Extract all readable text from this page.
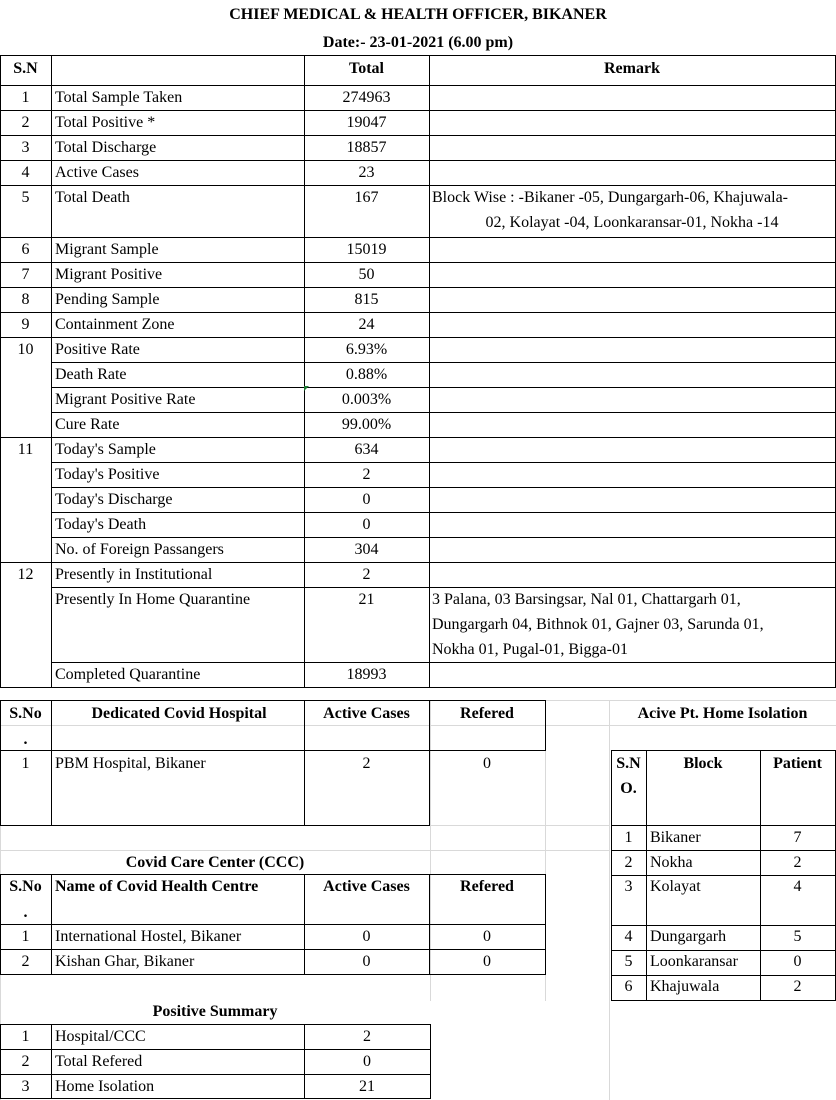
CHIEF MEDICAL & HEALTH OFFICER, BIKANER
Date:- 23-01-2021 (6.00 pm)
S.N	Total	Remark
1	Total Sample Taken	274963
2	Total Positive *	19047
3	Total Discharge	18857
4	Active Cases	23
5	Total Death	167	Block Wise : -Bikaner -05, Dungargarh-06, Khajuwala-
02, Kolayat -04, Loonkaransar-01, Nokha -14
6	Migrant Sample	15019
7	Migrant Positive	50
8	Pending Sample	815
9	Containment Zone	24
10	Positive Rate	6.93%
Death Rate	0.88%
Migrant Positive Rate	0.003%
Cure Rate	99.00%
11	Today's Sample	634
Today's Positive	2
Today's Discharge	0
Today's Death	0
No. of Foreign Passangers	304
12	Presently in Institutional	2
Presently In Home Quarantine	21	3 Palana, 03 Barsingsar, Nal 01, Chattargarh 01,
Dungargarh 04, Bithnok 01, Gajner 03, Sarunda 01,
Nokha 01, Pugal-01, Bigga-01
Completed Quarantine	18993
S.No
.
Dedicated Covid Hospital	Active Cases	Refered
1	PBM Hospital, Bikaner	2	0
Covid Care Center (CCC)
S.No
.
Name of Covid Health Centre	Active Cases	Refered
1	International Hostel, Bikaner	0	0
2	Kishan Ghar, Bikaner	0	0
Positive Summary
1	Hospital/CCC	2
2	Total Refered	0
3	Home Isolation	21
Acive Pt. Home Isolation
S.N
O.
Block	Patient
1	Bikaner	7
2	Nokha	2
3	Kolayat	4
4	Dungargarh	5
5	Loonkaransar	0
6	Khajuwala	2
